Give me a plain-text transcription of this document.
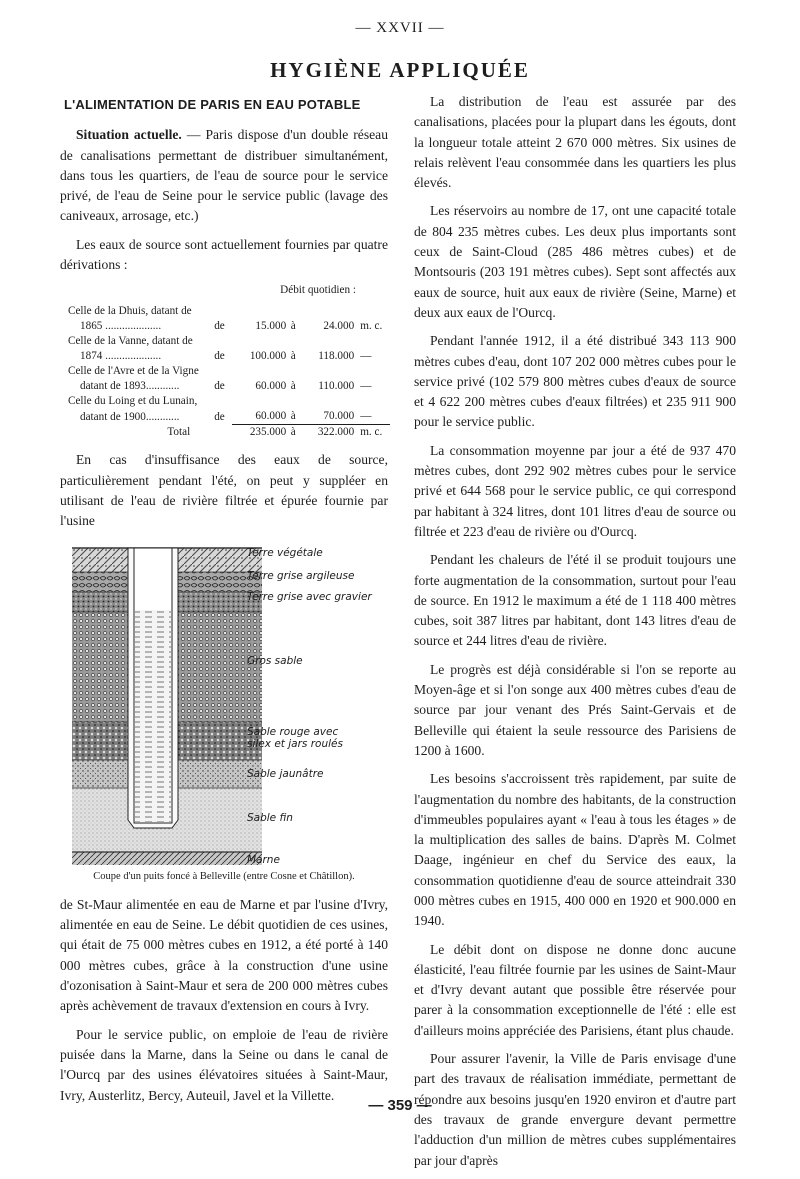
— XXVII —
HYGIÈNE APPLIQUÉE
L'ALIMENTATION DE PARIS EN EAU POTABLE

Situation actuelle. — Paris dispose d'un double réseau de canalisations permettant de distribuer simultanément, dans tous les quartiers, de l'eau de source pour le service privé, de l'eau de Seine pour le service public (lavage des caniveaux, arrosage, etc.)

Les eaux de source sont actuellement fournies par quatre dérivations :

Débit quotidien :					
Celle de la Dhuis, datant de					
1865 ....................	de	15.000	à	24.000	m. c.
Celle de la Vanne, datant de					
1874 ....................	de	100.000	à	118.000	—
Celle de l'Avre et de la Vigne					
datant de 1893............	de	60.000	à	110.000	—
Celle du Loing et du Lunain,					
datant de 1900............	de	60.000	à	70.000	—
Total		235.000	à	322.000	m. c.

En cas d'insuffisance des eaux de source, particulièrement pendant l'été, on peut y suppléer en utilisant de l'eau de rivière filtrée et épurée fournie par l'usine

Terre végétale
Terre grise argileuse
Terre grise avec gravier
Gros sable
Sable rouge avec
silex et jars roulés
Sable jaunâtre
Sable fin
Marne

Coupe d'un puits foncé à Belleville (entre Cosne et Châtillon).

de St-Maur alimentée en eau de Marne et par l'usine d'Ivry, alimentée en eau de Seine. Le débit quotidien de ces usines, qui était de 75 000 mètres cubes en 1912, a été porté à 140 000 mètres cubes, grâce à la construction d'une usine d'ozonisation à Saint-Maur et sera de 200 000 mètres cubes après achèvement de travaux d'extension en cours à Ivry.

Pour le service public, on emploie de l'eau de rivière puisée dans la Marne, dans la Seine ou dans le canal de l'Ourcq par des usines élévatoires situées à Saint-Maur, Ivry, Austerlitz, Bercy, Auteuil, Javel et la Villette.

La distribution de l'eau est assurée par des canalisations, placées pour la plupart dans les égouts, dont la longueur totale atteint 2 670 000 mètres. Six usines de relais relèvent l'eau consommée dans les quartiers les plus élevés.

Les réservoirs au nombre de 17, ont une capacité totale de 804 235 mètres cubes. Les deux plus importants sont ceux de Saint-Cloud (285 486 mètres cubes) et de Montsouris (203 191 mètres cubes). Sept sont affectés aux eaux de source, huit aux eaux de rivière (Seine, Marne) et deux aux eaux de l'Ourcq.

Pendant l'année 1912, il a été distribué 343 113 900 mètres cubes d'eau, dont 107 202 000 mètres cubes pour le service privé (102 579 800 mètres cubes d'eaux de source et 4 622 200 mètres cubes d'eaux filtrées) et 235 911 900 pour le service public.

La consommation moyenne par jour a été de 937 470 mètres cubes, dont 292 902 mètres cubes pour le service privé et 644 568 pour le service public, ce qui correspond par habitant à 324 litres, dont 101 litres d'eau de source ou filtrée et 223 d'eau de rivière ou d'Ourcq.

Pendant les chaleurs de l'été il se produit toujours une forte augmentation de la consommation, surtout pour l'eau de source. En 1912 le maximum a été de 1 118 400 mètres cubes, soit 387 litres par habitant, dont 143 litres d'eau de source et 244 litres d'eau de rivière.

Le progrès est déjà considérable si l'on se reporte au Moyen-âge et si l'on songe aux 400 mètres cubes d'eau de source par jour venant des Prés Saint-Gervais et de Belleville qui étaient la seule ressource des Parisiens de 1200 à 1600.

Les besoins s'accroissent très rapidement, par suite de l'augmentation du nombre des habitants, de la construction d'immeubles populaires ayant « l'eau à tous les étages » de la multiplication des salles de bains. D'après M. Colmet Daage, ingénieur en chef du Service des eaux, la consommation quotidienne d'eau de source atteindrait 330 000 mètres cubes en 1915, 400 000 en 1920 et 900.000 en 1940.

Le débit dont on dispose ne donne donc aucune élasticité, l'eau filtrée fournie par les usines de Saint-Maur et d'Ivry devant autant que possible être réservée pour parer à la consommation exceptionnelle de l'été : elle est d'ailleurs moins appréciée des Parisiens, étant plus chaude.

Pour assurer l'avenir, la Ville de Paris envisage d'une part des travaux de réalisation immédiate, permettant de répondre aux besoins jusqu'en 1920 environ et d'autre part des travaux de grande envergure devant permettre l'adduction d'un million de mètres cubes supplémentaires par jour d'après

— 359 —
